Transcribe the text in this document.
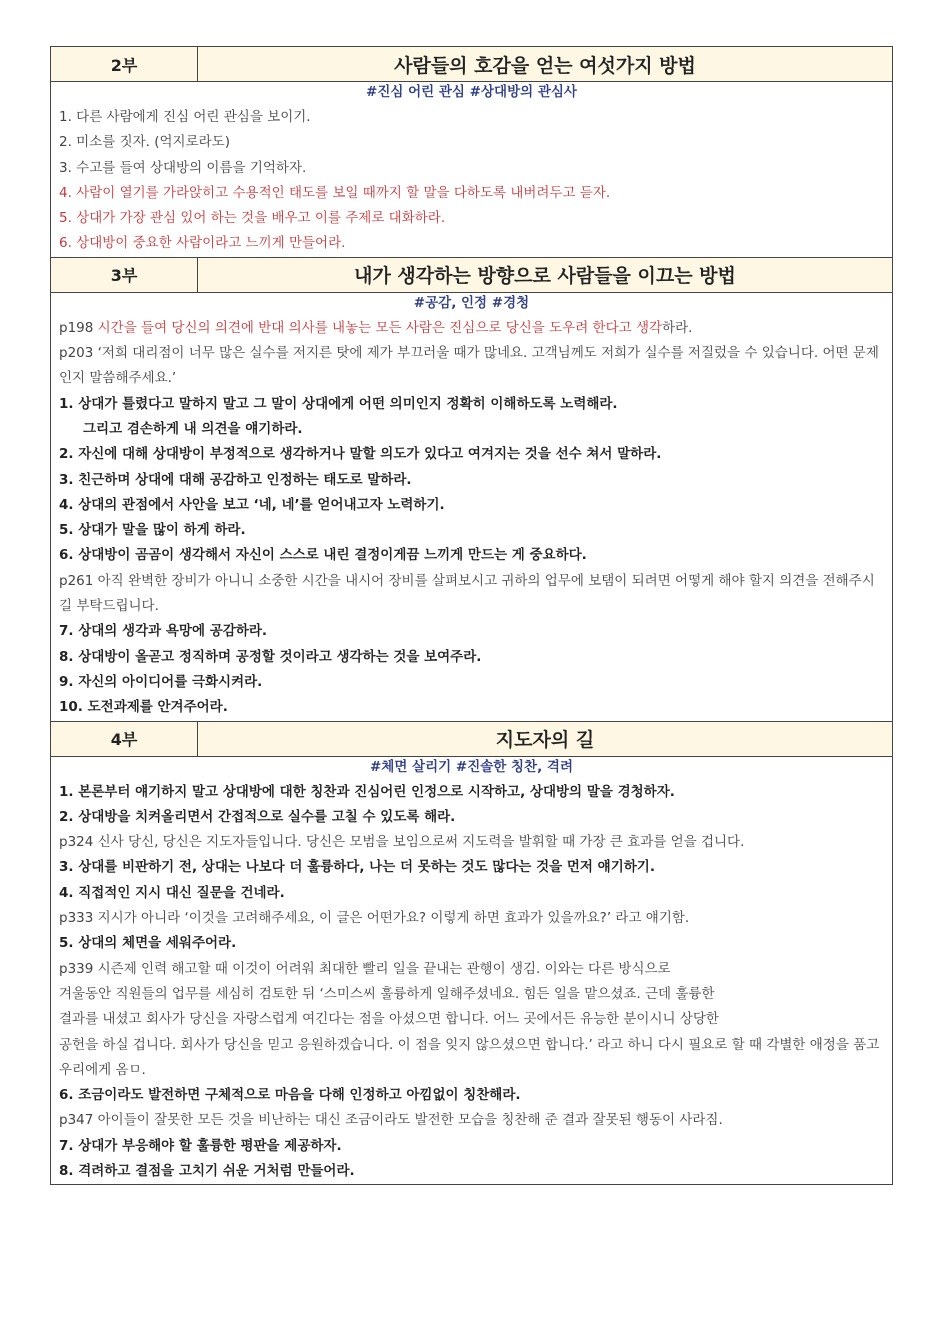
2부	사람들의 호감을 얻는 여섯가지 방법
#진심 어린 관심 #상대방의 관심사
1. 다른 사람에게 진심 어린 관심을 보이기.
2. 미소를 짓자. (억지로라도)
3. 수고를 들여 상대방의 이름을 기억하자.
4. 사람이 열기를 가라앉히고 수용적인 태도를 보일 때까지 할 말을 다하도록 내버려두고 듣자.
5. 상대가 가장 관심 있어 하는 것을 배우고 이를 주제로 대화하라.
6. 상대방이 중요한 사람이라고 느끼게 만들어라.
3부	내가 생각하는 방향으로 사람들을 이끄는 방법
#공감, 인정 #경청
p198 시간을 들여 당신의 의견에 반대 의사를 내놓는 모든 사람은 진심으로 당신을 도우려 한다고 생각하라.
p203 ‘저희 대리점이 너무 많은 실수를 저지른 탓에 제가 부끄러울 때가 많네요. 고객님께도 저희가 실수를 저질렀을 수 있습니다. 어떤 문제인지 말씀해주세요.’
1. 상대가 틀렸다고 말하지 말고 그 말이 상대에게 어떤 의미인지 정확히 이해하도록 노력해라.
그리고 겸손하게 내 의견을 얘기하라.
2. 자신에 대해 상대방이 부정적으로 생각하거나 말할 의도가 있다고 여겨지는 것을 선수 쳐서 말하라.
3. 친근하며 상대에 대해 공감하고 인정하는 태도로 말하라.
4. 상대의 관점에서 사안을 보고 ‘네, 네’를 얻어내고자 노력하기.
5. 상대가 말을 많이 하게 하라.
6. 상대방이 곰곰이 생각해서 자신이 스스로 내린 결정이게끔 느끼게 만드는 게 중요하다.
p261 아직 완벽한 장비가 아니니 소중한 시간을 내시어 장비를 살펴보시고 귀하의 업무에 보탬이 되려면 어떻게 해야 할지 의견을 전해주시길 부탁드립니다.
7. 상대의 생각과 욕망에 공감하라.
8. 상대방이 올곧고 정직하며 공정할 것이라고 생각하는 것을 보여주라.
9. 자신의 아이디어를 극화시켜라.
10. 도전과제를 안겨주어라.
4부	지도자의 길
#체면 살리기 #진솔한 칭찬, 격려
1. 본론부터 얘기하지 말고 상대방에 대한 칭찬과 진심어린 인정으로 시작하고, 상대방의 말을 경청하자.
2. 상대방을 치켜올리면서 간접적으로 실수를 고칠 수 있도록 해라.
p324 신사 당신, 당신은 지도자들입니다. 당신은 모범을 보임으로써 지도력을 발휘할 때 가장 큰 효과를 얻을 겁니다.
3. 상대를 비판하기 전, 상대는 나보다 더 훌륭하다, 나는 더 못하는 것도 많다는 것을 먼저 얘기하기.
4. 직접적인 지시 대신 질문을 건네라.
p333 지시가 아니라 ‘이것을 고려해주세요, 이 글은 어떤가요? 이렇게 하면 효과가 있을까요?’ 라고 얘기함.
5. 상대의 체면을 세워주어라.
p339 시즌제 인력 해고할 때 이것이 어려워 최대한 빨리 일을 끝내는 관행이 생김. 이와는 다른 방식으로
겨울동안 직원들의 업무를 세심히 검토한 뒤 ‘스미스씨 훌륭하게 일해주셨네요. 힘든 일을 맡으셨죠. 근데 훌륭한
결과를 내셨고 회사가 당신을 자랑스럽게 여긴다는 점을 아셨으면 합니다. 어느 곳에서든 유능한 분이시니 상당한
공헌을 하실 겁니다. 회사가 당신을 믿고 응원하겠습니다. 이 점을 잊지 않으셨으면 합니다.’ 라고 하니 다시 필요로 할 때 각별한 애정을 품고 우리에게 옴ㅁ.
6. 조금이라도 발전하면 구체적으로 마음을 다해 인정하고 아낌없이 칭찬해라.
p347 아이들이 잘못한 모든 것을 비난하는 대신 조금이라도 발전한 모습을 칭찬해 준 결과 잘못된 행동이 사라짐.
7. 상대가 부응해야 할 훌륭한 평판을 제공하자.
8. 격려하고 결점을 고치기 쉬운 거처럼 만들어라.
